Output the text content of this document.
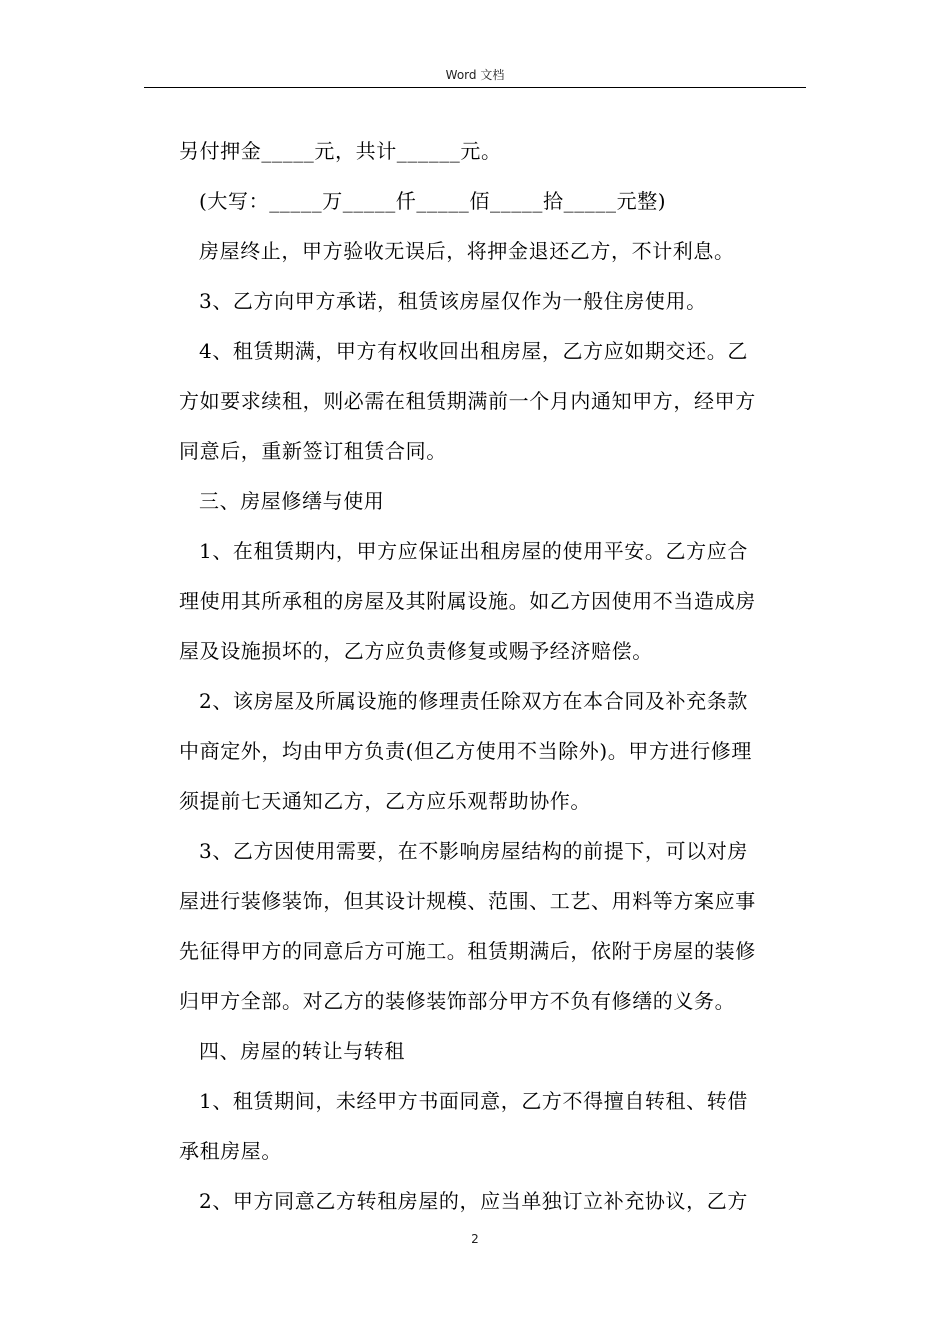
Word 文档
另付押金_____元，共计______元。
(大写：_____万_____仟_____佰_____拾_____元整)
房屋终止，甲方验收无误后，将押金退还乙方，不计利息。
3、乙方向甲方承诺，租赁该房屋仅作为一般住房使用。
4、租赁期满，甲方有权收回出租房屋，乙方应如期交还。乙
方如要求续租，则必需在租赁期满前一个月内通知甲方，经甲方
同意后，重新签订租赁合同。
三、房屋修缮与使用
1、在租赁期内，甲方应保证出租房屋的使用平安。乙方应合
理使用其所承租的房屋及其附属设施。如乙方因使用不当造成房
屋及设施损坏的，乙方应负责修复或赐予经济赔偿。
2、该房屋及所属设施的修理责任除双方在本合同及补充条款
中商定外，均由甲方负责(但乙方使用不当除外)。甲方进行修理
须提前七天通知乙方，乙方应乐观帮助协作。
3、乙方因使用需要，在不影响房屋结构的前提下，可以对房
屋进行装修装饰，但其设计规模、范围、工艺、用料等方案应事
先征得甲方的同意后方可施工。租赁期满后，依附于房屋的装修
归甲方全部。对乙方的装修装饰部分甲方不负有修缮的义务。
四、房屋的转让与转租
1、租赁期间，未经甲方书面同意，乙方不得擅自转租、转借
承租房屋。
2、甲方同意乙方转租房屋的，应当单独订立补充协议，乙方
2
